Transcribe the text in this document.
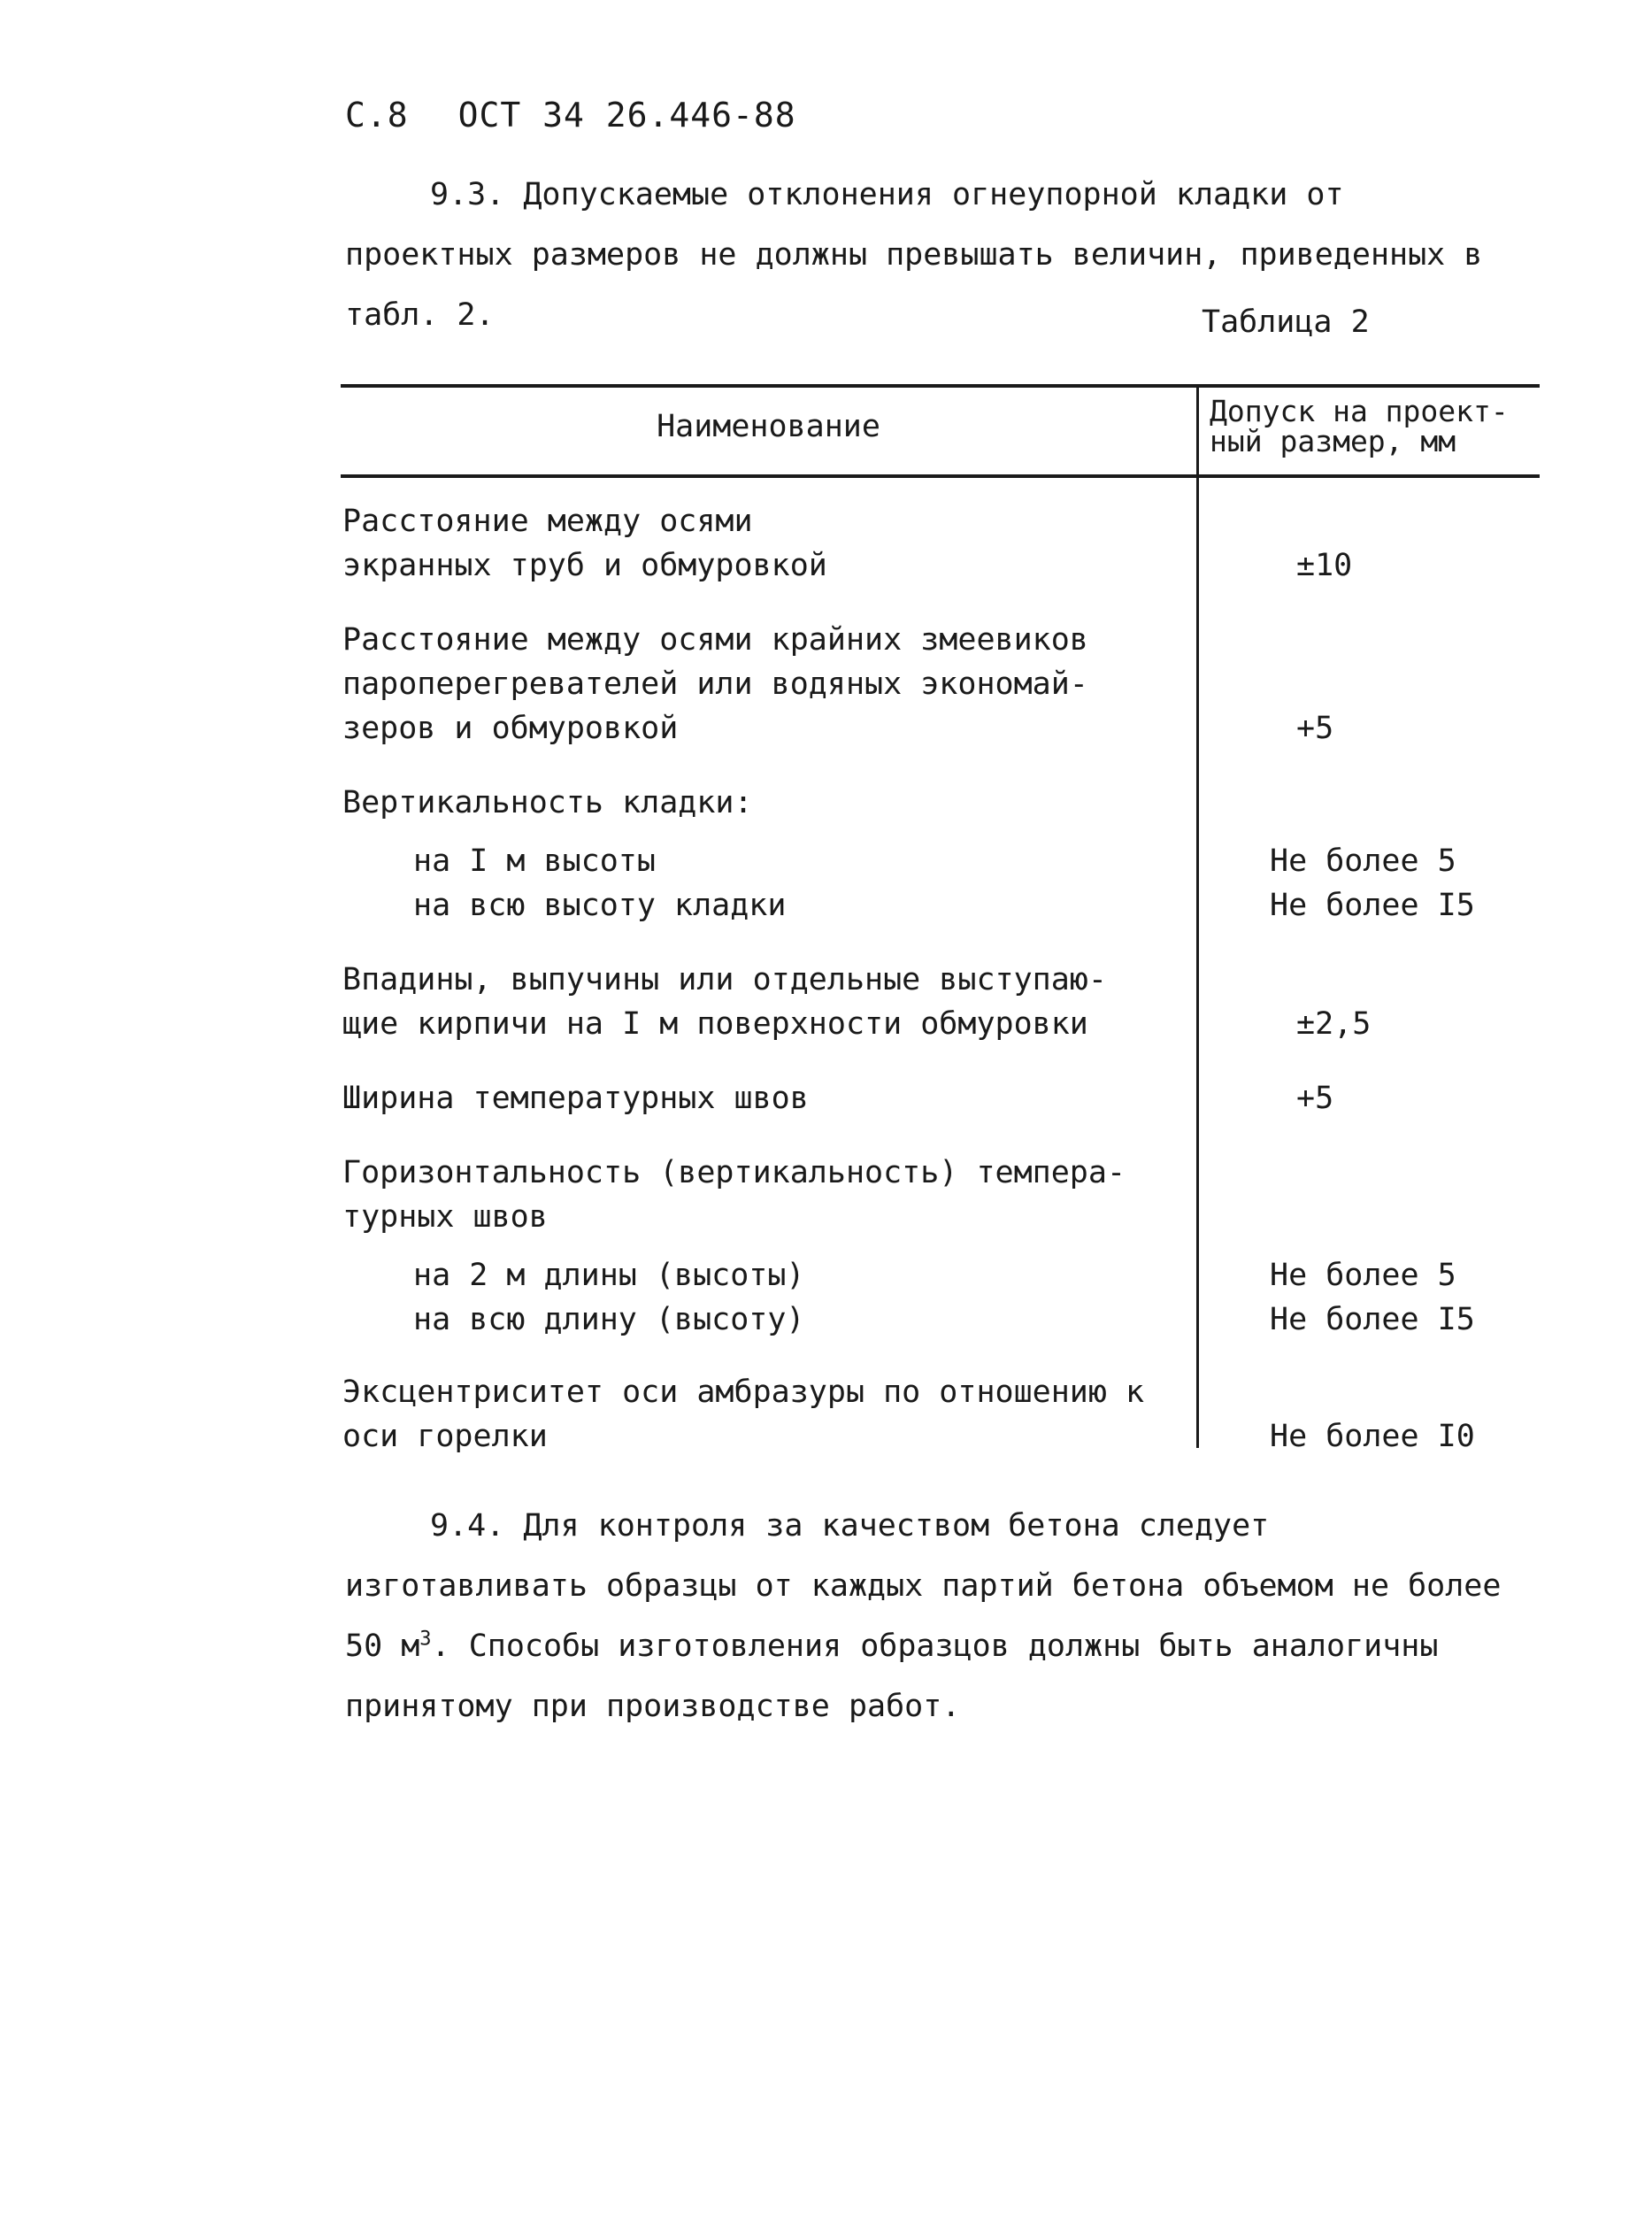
С.8 ОСТ 34 26.446-88
9.3. Допускаемые отклонения огнеупорной кладки от проектных размеров не должны превышать величин, приведенных в табл. 2.	Таблица 2
Наименование	Допуск на проект-
ный размер, мм
Расстояние между осями
экранных труб и обмуровкой	±10
Расстояние между осями крайних змеевиков
пароперегревателей или водяных экономай-
зеров и обмуровкой	+5
Вертикальность кладки:
на I м высоты	Не более 5
на всю высоту кладки	Не более I5
Впадины, выпучины или отдельные выступаю-
щие кирпичи на I м поверхности обмуровки	±2,5
Ширина температурных швов	+5
Горизонтальность (вертикальность) темпера-
турных швов
на 2 м длины (высоты)	Не более 5
на всю длину (высоту)	Не более I5
Эксцентриситет оси амбразуры по отношению к
оси горелки	Не более I0
9.4. Для контроля за качеством бетона следует изготавливать образцы от каждых партий бетона объемом не более 50 $м^3$. Способы изготовления образцов должны быть аналогичны принятому при производстве работ.
